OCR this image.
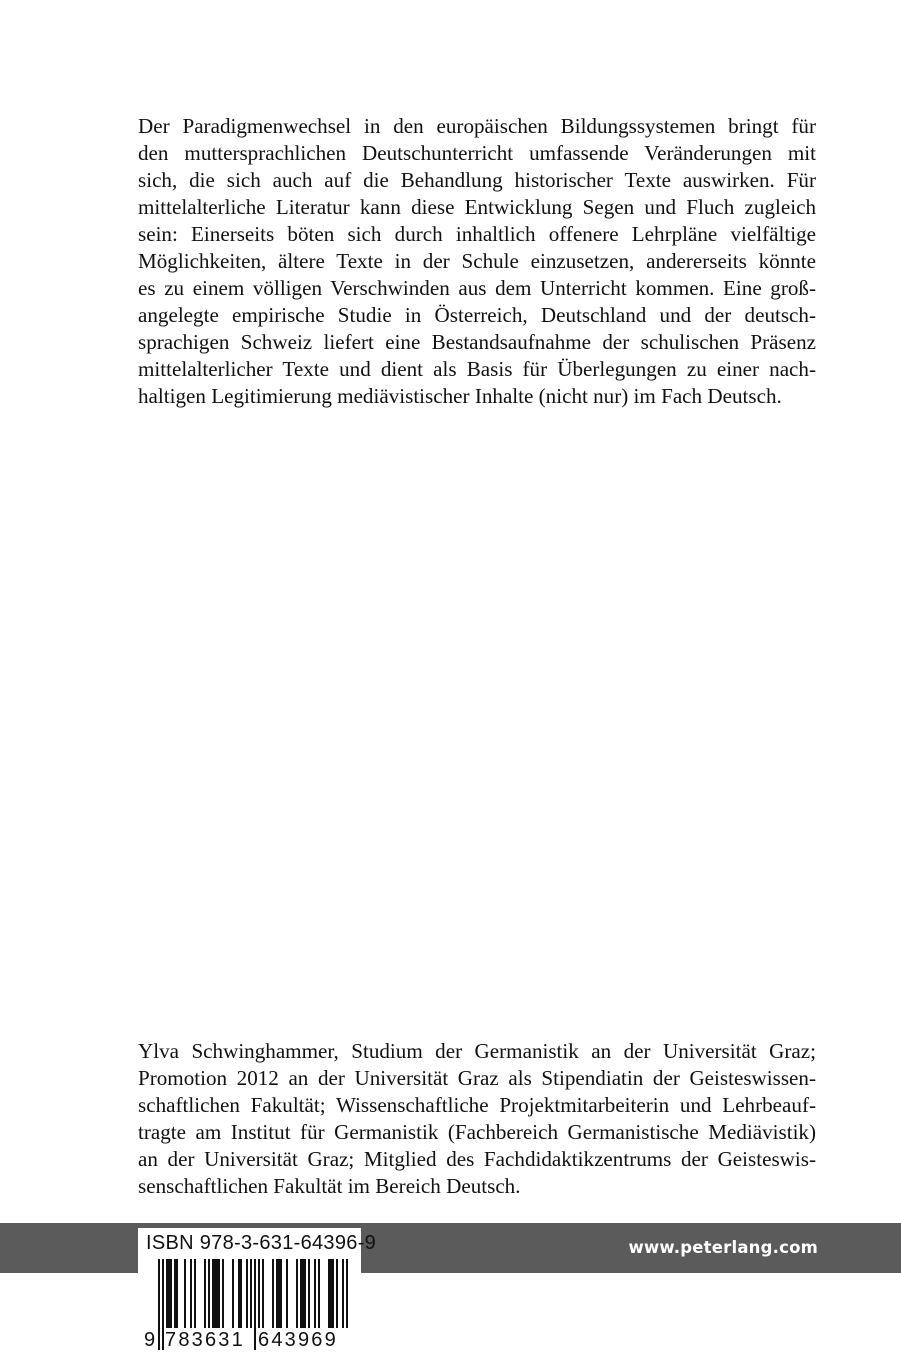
Der Paradigmenwechsel in den europäischen Bildungssystemen bringt für
den muttersprachlichen Deutschunterricht umfassende Veränderungen mit
sich, die sich auch auf die Behandlung historischer Texte auswirken. Für
mittelalterliche Literatur kann diese Entwicklung Segen und Fluch zugleich
sein: Einerseits böten sich durch inhaltlich offenere Lehrpläne vielfältige
Möglichkeiten, ältere Texte in der Schule einzusetzen, andererseits könnte
es zu einem völligen Verschwinden aus dem Unterricht kommen. Eine groß-
angelegte empirische Studie in Österreich, Deutschland und der deutsch-
sprachigen Schweiz liefert eine Bestandsaufnahme der schulischen Präsenz
mittelalterlicher Texte und dient als Basis für Überlegungen zu einer nach-
haltigen Legitimierung mediävistischer Inhalte (nicht nur) im Fach Deutsch.
Ylva Schwinghammer, Studium der Germanistik an der Universität Graz;
Promotion 2012 an der Universität Graz als Stipendiatin der Geisteswissen-
schaftlichen Fakultät; Wissenschaftliche Projektmitarbeiterin und Lehrbeauf-
tragte am Institut für Germanistik (Fachbereich Germanistische Mediävistik)
an der Universität Graz; Mitglied des Fachdidaktikzentrums der Geisteswis-
senschaftlichen Fakultät im Bereich Deutsch.
www.peterlang.com
ISBN 978-3-631-64396-9
9 783631 643969
